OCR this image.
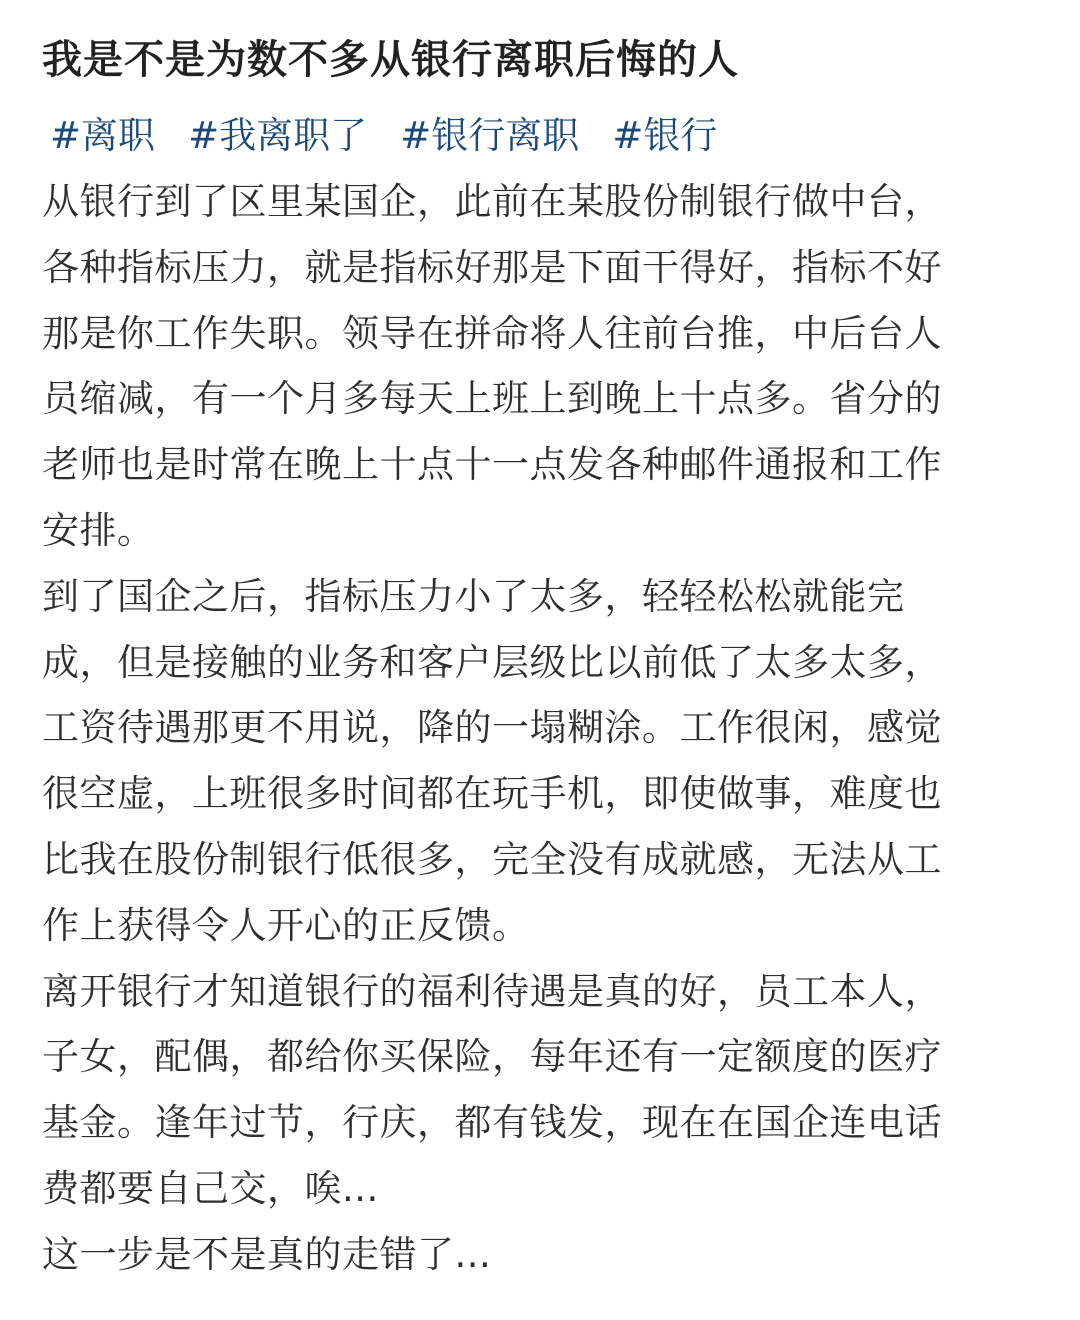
我是不是为数不多从银行离职后悔的人
#离职 #我离职了 #银行离职 #银行

从银行到了区里某国企，此前在某股份制银行做中台，
各种指标压力，就是指标好那是下面干得好，指标不好
那是你工作失职。领导在拼命将人往前台推，中后台人
员缩减，有一个月多每天上班上到晚上十点多。省分的
老师也是时常在晚上十点十一点发各种邮件通报和工作
安排。

到了国企之后，指标压力小了太多，轻轻松松就能完
成，但是接触的业务和客户层级比以前低了太多太多，
工资待遇那更不用说，降的一塌糊涂。工作很闲，感觉
很空虚，上班很多时间都在玩手机，即使做事，难度也
比我在股份制银行低很多，完全没有成就感，无法从工
作上获得令人开心的正反馈。

离开银行才知道银行的福利待遇是真的好，员工本人，
子女，配偶，都给你买保险，每年还有一定额度的医疗
基金。逢年过节，行庆，都有钱发，现在在国企连电话
费都要自己交，唉...

这一步是不是真的走错了...
